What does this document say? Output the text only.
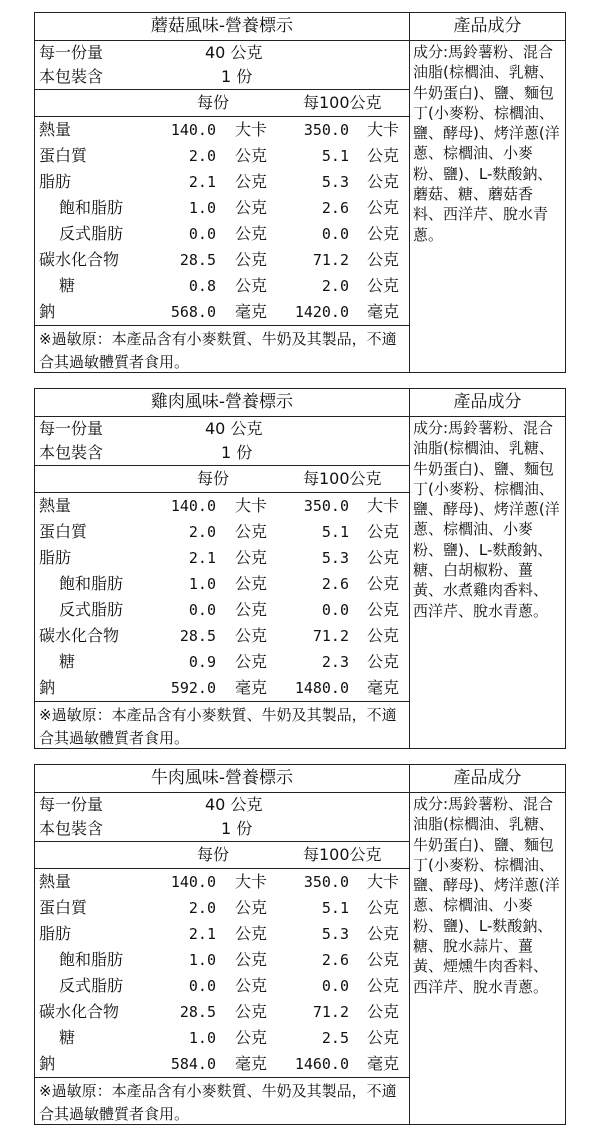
蘑菇風味-營養標示
每一份量	40 公克
本包裝含	1 份
每份	每100公克
熱量	140.0 大卡 350.0 大卡
蛋白質	2.0 公克	5.1 公克
脂肪	2.1 公克	5.3 公克
飽和脂肪	1.0 公克	2.6 公克
反式脂肪	0.0 公克	0.0 公克
碳水化合物	28.5 公克	71.2 公克
糖	0.8 公克	2.0 公克
鈉	568.0 毫克 1420.0 毫克
※過敏原：本產品含有小麥麩質、牛奶及其製品，不適合其過敏體質者食用。
產品成分
成分:馬鈴薯粉、混合油脂(棕櫚油、乳糖、牛奶蛋白)、鹽、麵包丁(小麥粉、棕櫚油、鹽、酵母)、烤洋蔥(洋蔥、棕櫚油、小麥粉、鹽)、L-麩酸鈉、蘑菇、糖、蘑菇香料、西洋芹、脫水青蔥。
雞肉風味-營養標示
每一份量	40 公克
本包裝含	1 份
每份	每100公克
熱量	140.0 大卡 350.0 大卡
蛋白質	2.0 公克	5.1 公克
脂肪	2.1 公克	5.3 公克
飽和脂肪	1.0 公克	2.6 公克
反式脂肪	0.0 公克	0.0 公克
碳水化合物	28.5 公克	71.2 公克
糖	0.9 公克	2.3 公克
鈉	592.0 毫克 1480.0 毫克
※過敏原：本產品含有小麥麩質、牛奶及其製品，不適合其過敏體質者食用。
產品成分
成分:馬鈴薯粉、混合油脂(棕櫚油、乳糖、牛奶蛋白)、鹽、麵包丁(小麥粉、棕櫚油、鹽、酵母)、烤洋蔥(洋蔥、棕櫚油、小麥粉、鹽)、L-麩酸鈉、糖、白胡椒粉、薑黃、水煮雞肉香料、西洋芹、脫水青蔥。
牛肉風味-營養標示
每一份量	40 公克
本包裝含	1 份
每份	每100公克
熱量	140.0 大卡 350.0 大卡
蛋白質	2.0 公克	5.1 公克
脂肪	2.1 公克	5.3 公克
飽和脂肪	1.0 公克	2.6 公克
反式脂肪	0.0 公克	0.0 公克
碳水化合物	28.5 公克	71.2 公克
糖	1.0 公克	2.5 公克
鈉	584.0 毫克 1460.0 毫克
※過敏原：本產品含有小麥麩質、牛奶及其製品，不適合其過敏體質者食用。
產品成分
成分:馬鈴薯粉、混合油脂(棕櫚油、乳糖、牛奶蛋白)、鹽、麵包丁(小麥粉、棕櫚油、鹽、酵母)、烤洋蔥(洋蔥、棕櫚油、小麥粉、鹽)、L-麩酸鈉、糖、脫水蒜片、薑黃、煙燻牛肉香料、西洋芹、脫水青蔥。
